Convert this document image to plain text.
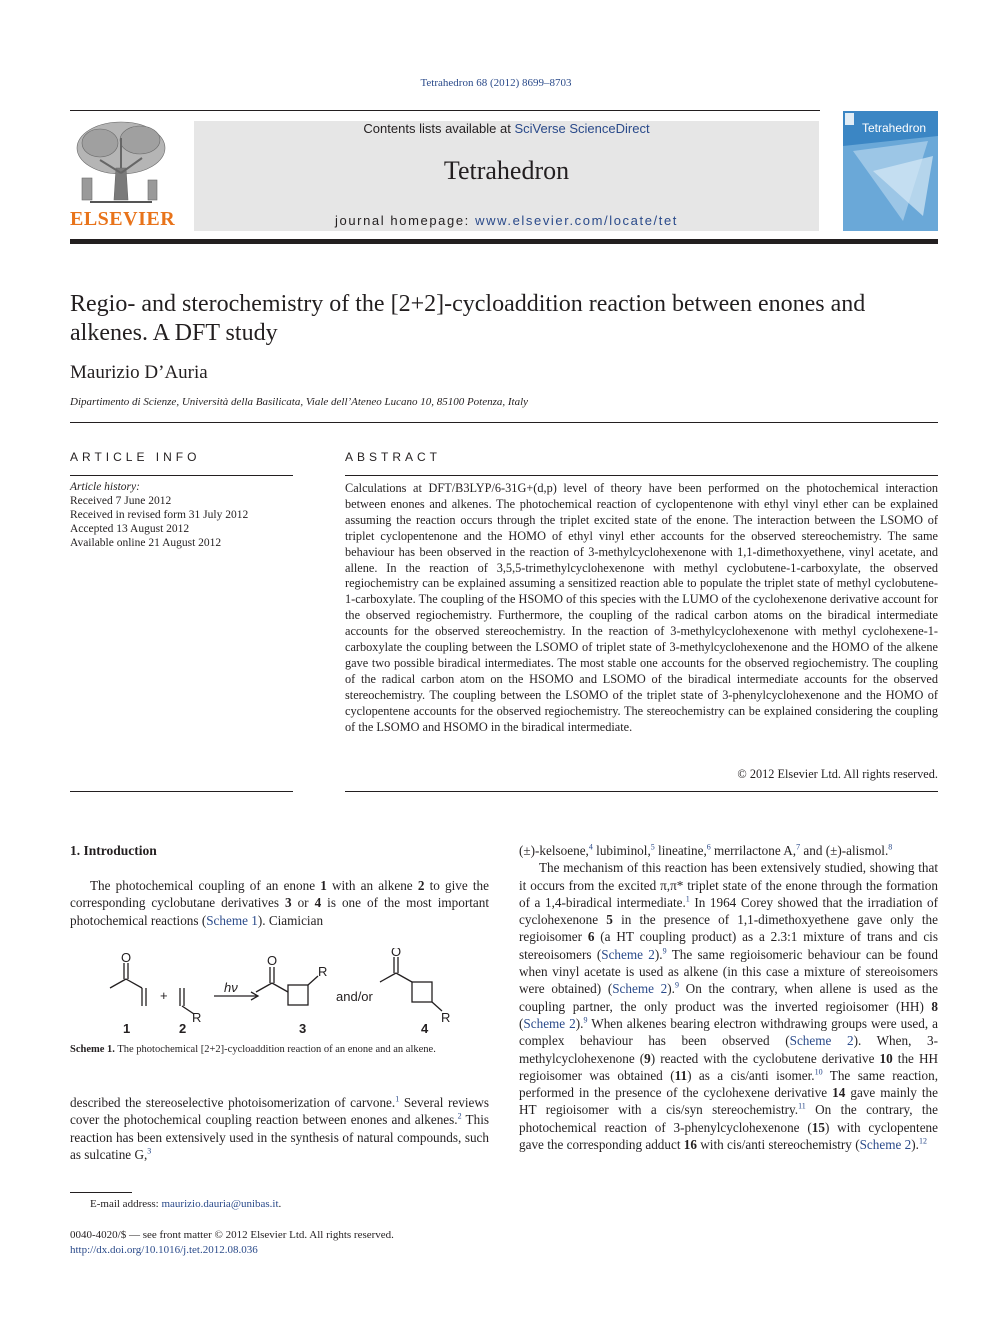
Tetrahedron 68 (2012) 8699–8703
ELSEVIER
Contents lists available at SciVerse ScienceDirect
Tetrahedron
journal homepage: www.elsevier.com/locate/tet
Tetrahedron
Regio- and sterochemistry of the [2+2]-cycloaddition reaction between enones and alkenes. A DFT study
Maurizio D’Auria
Dipartimento di Scienze, Università della Basilicata, Viale dell’Ateneo Lucano 10, 85100 Potenza, Italy
ARTICLE INFO
Article history:
Received 7 June 2012
Received in revised form 31 July 2012
Accepted 13 August 2012
Available online 21 August 2012
ABSTRACT
Calculations at DFT/B3LYP/6-31G+(d,p) level of theory have been performed on the photochemical interaction between enones and alkenes. The photochemical reaction of cyclopentenone with ethyl vinyl ether can be explained assuming the reaction occurs through the triplet excited state of the enone. The interaction between the LSOMO of triplet cyclopentenone and the HOMO of ethyl vinyl ether accounts for the observed stereochemistry. The same behaviour has been observed in the reaction of 3-methylcyclohexenone with 1,1-dimethoxyethene, vinyl acetate, and allene. In the reaction of 3,5,5-trimethylcyclohexenone with methyl cyclobutene-1-carboxylate, the observed regiochemistry can be explained assuming a sensitized reaction able to populate the triplet state of methyl cyclobutene-1-carboxylate. The coupling of the HSOMO of this species with the LUMO of the cyclohexenone derivative account for the observed regiochemistry. Furthermore, the coupling of the radical carbon atoms on the biradical intermediate accounts for the observed stereochemistry. In the reaction of 3-methylcyclohexenone with methyl cyclohexene-1-carboxylate the coupling between the LSOMO of triplet state of 3-methylcyclohexenone and the HOMO of the alkene gave two possible biradical intermediates. The most stable one accounts for the observed regiochemistry. The coupling of the radical carbon atom on the HSOMO and LSOMO of the biradical intermediate accounts for the observed stereochemistry. The coupling between the LSOMO of the triplet state of 3-phenylcyclohexenone and the HOMO of cyclopentene accounts for the observed regiochemistry. The stereochemistry can be explained considering the coupling of the LSOMO and HSOMO in the biradical intermediate.
© 2012 Elsevier Ltd. All rights reserved.
1. Introduction
The photochemical coupling of an enone 1 with an alkene 2 to give the corresponding cyclobutane derivatives 3 or 4 is one of the most important photochemical reactions (Scheme 1). Ciamician
O
+
R
hν
O
R
and/or
O
R
1	2	3	4
Scheme 1. The photochemical [2+2]-cycloaddition reaction of an enone and an alkene.
described the stereoselective photoisomerization of carvone.$^1$ Several reviews cover the photochemical coupling reaction between enones and alkenes.$^2$ This reaction has been extensively used in the synthesis of natural compounds, such as sulcatine G,$^3$
E-mail address: maurizio.dauria@unibas.it.
0040-4020/$ — see front matter © 2012 Elsevier Ltd. All rights reserved.
http://dx.doi.org/10.1016/j.tet.2012.08.036
(±)-kelsoene,$^4$ lubiminol,$^5$ lineatine,$^6$ merrilactone A,$^7$ and (±)-alismol.$^8$
The mechanism of this reaction has been extensively studied, showing that it occurs from the excited π,π* triplet state of the enone through the formation of a 1,4-biradical intermediate.$^1$ In 1964 Corey showed that the irradiation of cyclohexenone 5 in the presence of 1,1-dimethoxyethene gave only the regioisomer 6 (a HT coupling product) as a 2.3:1 mixture of trans and cis stereoisomers (Scheme 2).$^9$ The same regioisomeric behaviour can be found when vinyl acetate is used as alkene (in this case a mixture of stereoisomers were obtained) (Scheme 2).$^9$ On the contrary, when allene is used as the coupling partner, the only product was the inverted regioisomer (HH) 8 (Scheme 2).$^9$ When alkenes bearing electron withdrawing groups were used, a complex behaviour has been observed (Scheme 2). When, 3-methylcyclohexenone (9) reacted with the cyclobutene derivative 10 the HH regioisomer was obtained (11) as a cis/anti isomer.$^{10}$ The same reaction, performed in the presence of the cyclohexene derivative 14 gave mainly the HT regioisomer with a cis/syn stereochemistry.$^{11}$ On the contrary, the photochemical reaction of 3-phenylcyclohexenone (15) with cyclopentene gave the corresponding adduct 16 with cis/anti stereochemistry (Scheme 2).$^{12}$
